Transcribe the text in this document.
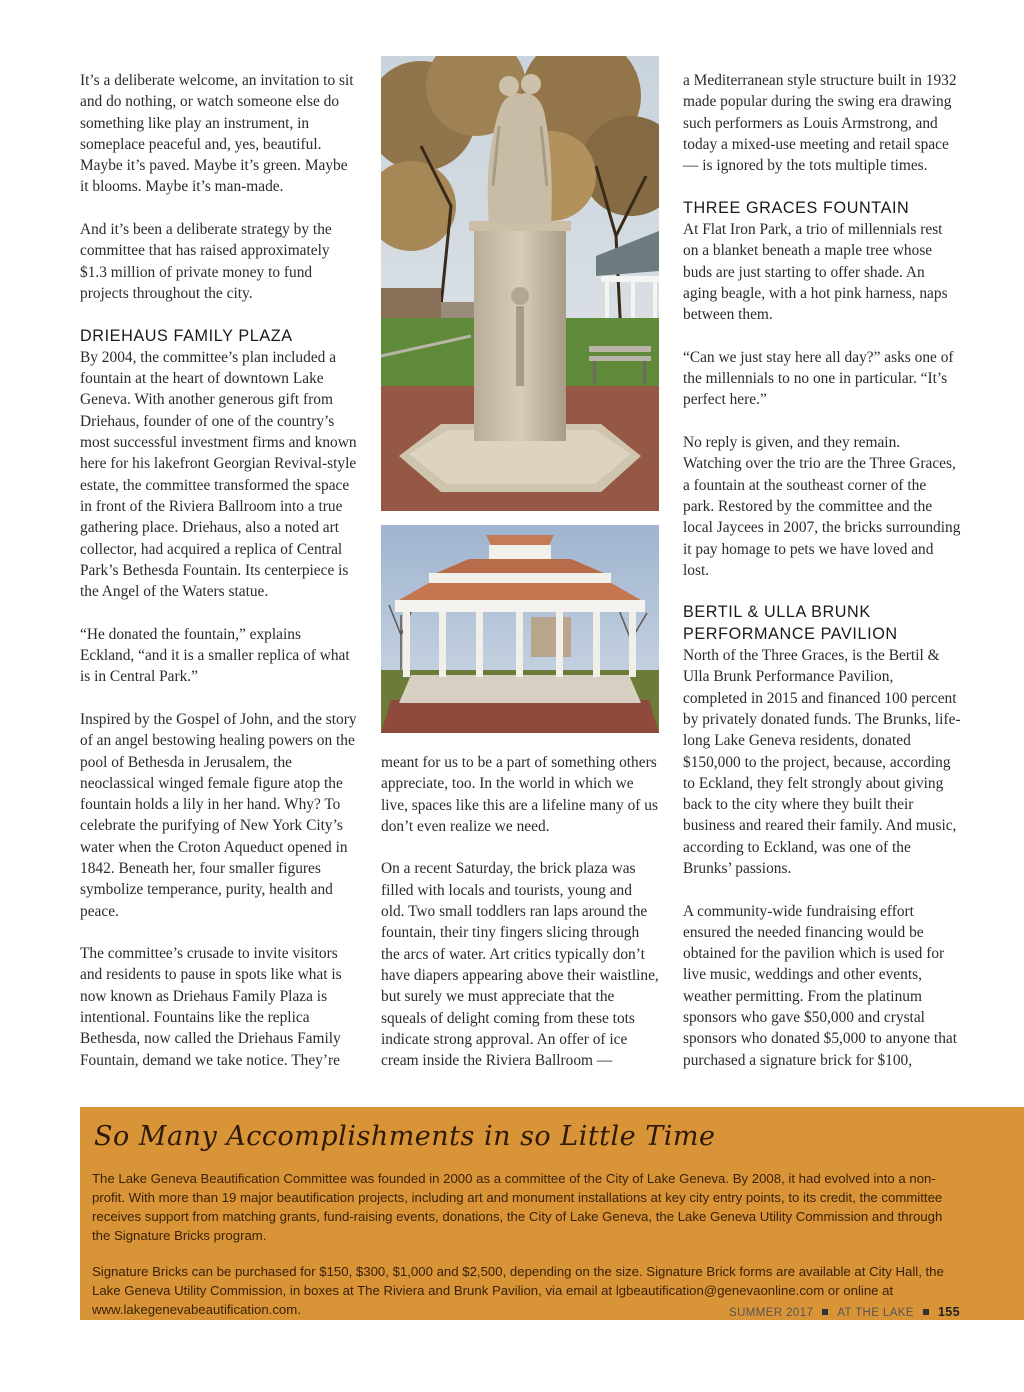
It’s a deliberate welcome, an invitation to sit and do nothing, or watch someone else do something like play an instrument, in someplace peaceful and, yes, beautiful. Maybe it’s paved. Maybe it’s green. Maybe it blooms. Maybe it’s man-made.

And it’s been a deliberate strategy by the committee that has raised approximately $1.3 million of private money to fund projects throughout the city.

DRIEHAUS FAMILY PLAZA

By 2004, the committee’s plan included a fountain at the heart of downtown Lake Geneva. With another generous gift from Driehaus, founder of one of the country’s most successful investment firms and known here for his lakefront Georgian Revival-style estate, the committee transformed the space in front of the Riviera Ballroom into a true gathering place. Driehaus, also a noted art collector, had acquired a replica of Central Park’s Bethesda Fountain. Its centerpiece is the Angel of the Waters statue.

“He donated the fountain,” explains Eckland, “and it is a smaller replica of what is in Central Park.”

Inspired by the Gospel of John, and the story of an angel bestowing healing powers on the pool of Bethesda in Jerusalem, the neoclassical winged female figure atop the fountain holds a lily in her hand. Why? To celebrate the purifying of New York City’s water when the Croton Aqueduct opened in 1842. Beneath her, four smaller figures symbolize temperance, purity, health and peace.

The committee’s crusade to invite visitors and residents to pause in spots like what is now known as Driehaus Family Plaza is intentional. Fountains like the replica Bethesda, now called the Driehaus Family Fountain, demand we take notice. They’re

meant for us to be a part of something others appreciate, too. In the world in which we live, spaces like this are a lifeline many of us don’t even realize we need.

On a recent Saturday, the brick plaza was filled with locals and tourists, young and old. Two small toddlers ran laps around the fountain, their tiny fingers slicing through the arcs of water. Art critics typically don’t have diapers appearing above their waistline, but surely we must appreciate that the squeals of delight coming from these tots indicate strong approval. An offer of ice cream inside the Riviera Ballroom —

a Mediterranean style structure built in 1932 made popular during the swing era drawing such performers as Louis Armstrong, and today a mixed-use meeting and retail space — is ignored by the tots multiple times.

THREE GRACES FOUNTAIN

At Flat Iron Park, a trio of millennials rest on a blanket beneath a maple tree whose buds are just starting to offer shade. An aging beagle, with a hot pink harness, naps between them.

“Can we just stay here all day?” asks one of the millennials to no one in particular. “It’s perfect here.”

No reply is given, and they remain. Watching over the trio are the Three Graces, a fountain at the southeast corner of the park. Restored by the committee and the local Jaycees in 2007, the bricks surrounding it pay homage to pets we have loved and lost.

BERTIL & ULLA BRUNK PERFORMANCE PAVILION

North of the Three Graces, is the Bertil & Ulla Brunk Performance Pavilion, completed in 2015 and financed 100 percent by privately donated funds. The Brunks, life-long Lake Geneva residents, donated $150,000 to the project, because, according to Eckland, they felt strongly about giving back to the city where they built their business and reared their family. And music, according to Eckland, was one of the Brunks’ passions.

A community-wide fundraising effort ensured the needed financing would be obtained for the pavilion which is used for live music, weddings and other events, weather permitting. From the platinum sponsors who gave $50,000 and crystal sponsors who donated $5,000 to anyone that purchased a signature brick for $100,

So Many Accomplishments in so Little Time

The Lake Geneva Beautification Committee was founded in 2000 as a committee of the City of Lake Geneva. By 2008, it had evolved into a non-profit. With more than 19 major beautification projects, including art and monument installations at key city entry points, to its credit, the committee receives support from matching grants, fund-raising events, donations, the City of Lake Geneva, the Lake Geneva Utility Commission and through the Signature Bricks program.

Signature Bricks can be purchased for $150, $300, $1,000 and $2,500, depending on the size. Signature Brick forms are available at City Hall, the Lake Geneva Utility Commission, in boxes at The Riviera and Brunk Pavilion, via email at lgbeautification@genevaonline.com or online at www.lakegenevabeautification.com.	SUMMER 2017 AT THE LAKE 155
